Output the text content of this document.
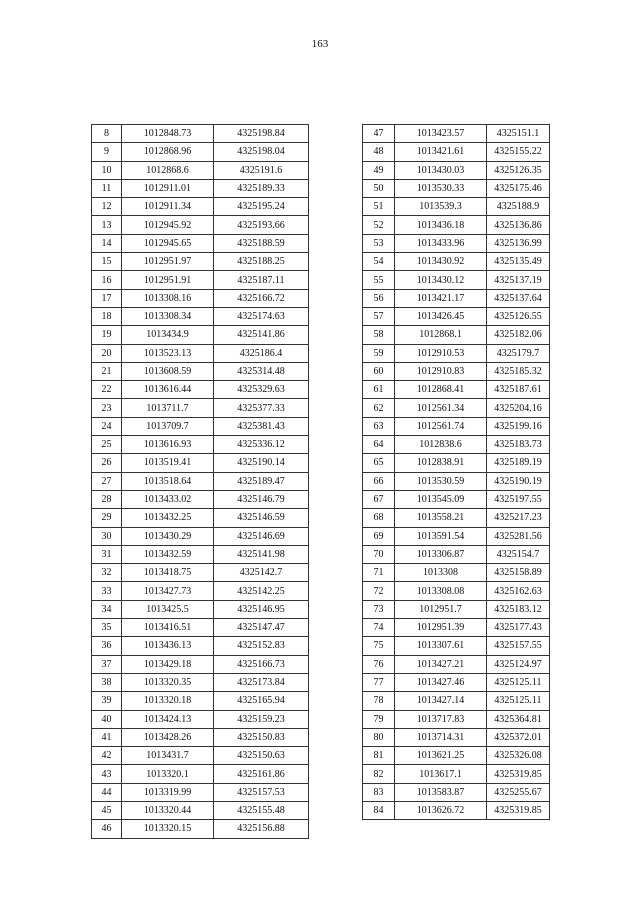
163
8	1012848.73	4325198.84
9	1012868.96	4325198.04
10	1012868.6	4325191.6
11	1012911.01	4325189.33
12	1012911.34	4325195.24
13	1012945.92	4325193.66
14	1012945.65	4325188.59
15	1012951.97	4325188.25
16	1012951.91	4325187.11
17	1013308.16	4325166.72
18	1013308.34	4325174.63
19	1013434.9	4325141.86
20	1013523.13	4325186.4
21	1013608.59	4325314.48
22	1013616.44	4325329.63
23	1013711.7	4325377.33
24	1013709.7	4325381.43
25	1013616.93	4325336.12
26	1013519.41	4325190.14
27	1013518.64	4325189.47
28	1013433.02	4325146.79
29	1013432.25	4325146.59
30	1013430.29	4325146.69
31	1013432.59	4325141.98
32	1013418.75	4325142.7
33	1013427.73	4325142.25
34	1013425.5	4325146.95
35	1013416.51	4325147.47
36	1013436.13	4325152.83
37	1013429.18	4325166.73
38	1013320.35	4325173.84
39	1013320.18	4325165.94
40	1013424.13	4325159.23
41	1013428.26	4325150.83
42	1013431.7	4325150.63
43	1013320.1	4325161.86
44	1013319.99	4325157.53
45	1013320.44	4325155.48
46	1013320.15	4325156.88
47	1013423.57	4325151.1
48	1013421.61	4325155.22
49	1013430.03	4325126.35
50	1013530.33	4325175.46
51	1013539.3	4325188.9
52	1013436.18	4325136.86
53	1013433.96	4325136.99
54	1013430.92	4325135.49
55	1013430.12	4325137.19
56	1013421.17	4325137.64
57	1013426.45	4325126.55
58	1012868.1	4325182.06
59	1012910.53	4325179.7
60	1012910.83	4325185.32
61	1012868.41	4325187.61
62	1012561.34	4325204.16
63	1012561.74	4325199.16
64	1012838.6	4325183.73
65	1012838.91	4325189.19
66	1013530.59	4325190.19
67	1013545.09	4325197.55
68	1013558.21	4325217.23
69	1013591.54	4325281.56
70	1013306.87	4325154.7
71	1013308	4325158.89
72	1013308.08	4325162.63
73	1012951.7	4325183.12
74	1012951.39	4325177.43
75	1013307.61	4325157.55
76	1013427.21	4325124.97
77	1013427.46	4325125.11
78	1013427.14	4325125.11
79	1013717.83	4325364.81
80	1013714.31	4325372.01
81	1013621.25	4325326.08
82	1013617.1	4325319.85
83	1013583.87	4325255.67
84	1013626.72	4325319.85
